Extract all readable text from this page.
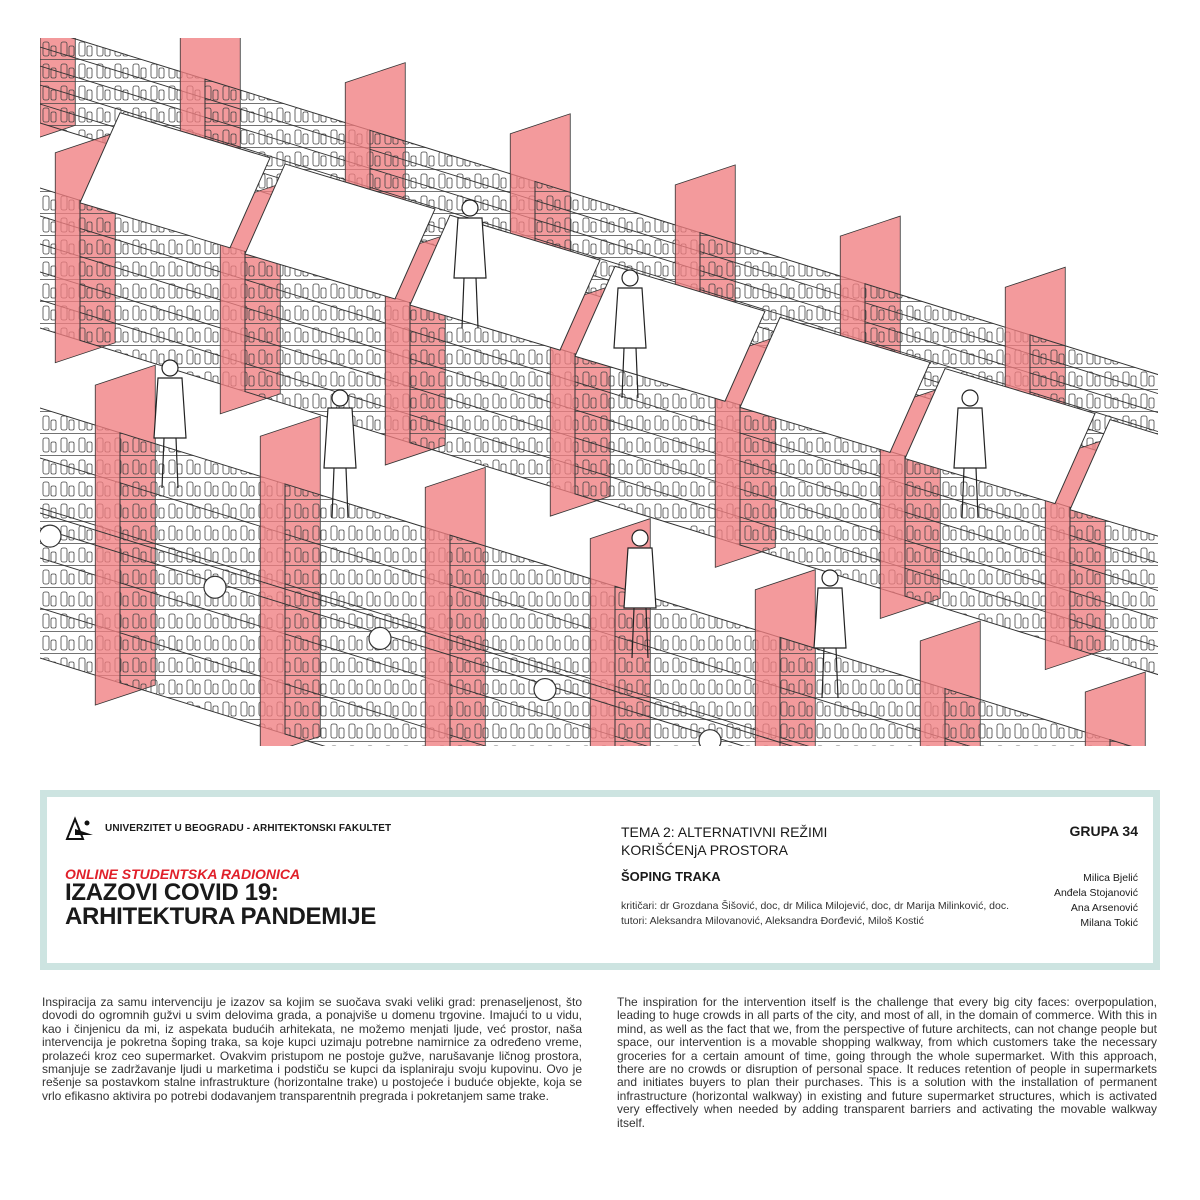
UNIVERZITET U BEOGRADU - ARHITEKTONSKI FAKULTET
ONLINE STUDENTSKA RADIONICA
IZAZOVI COVID 19:
ARHITEKTURA PANDEMIJE
TEMA 2: ALTERNATIVNI REŽIMI
KORIŠĆENjA PROSTORA
ŠOPING TRAKA
kritičari: dr Grozdana Šišović, doc, dr Milica Milojević, doc, dr Marija Milinković, doc.
tutori: Aleksandra Milovanović, Aleksandra Đorđević, Miloš Kostić
GRUPA 34
Milica Bjelić
Anđela Stojanović
Ana Arsenović
Milana Tokić
Inspiracija za samu intervenciju je izazov sa kojim se suočava svaki veliki grad: prenaseljenost, što dovodi do ogromnih gužvi u svim delovima grada, a ponajviše u domenu trgovine. Imajući to u vidu, kao i činjenicu da mi, iz aspekata budućih arhitekata, ne možemo menjati ljude, već prostor, naša intervencija je pokretna šoping traka, sa koje kupci uzimaju potrebne namirnice za određeno vreme, prolazeći kroz ceo supermarket. Ovakvim pristupom ne postoje gužve, narušavanje ličnog prostora, smanjuje se zadržavanje ljudi u marketima i podstiču se kupci da isplaniraju svoju kupovinu. Ovo je rešenje sa postavkom stalne infrastrukture (horizontalne trake) u postojeće i buduće objekte, koja se vrlo efikasno aktivira po potrebi dodavanjem transparentnih pregrada i pokretanjem same trake.
The inspiration for the intervention itself is the challenge that every big city faces: overpopulation, leading to huge crowds in all parts of the city, and most of all, in the domain of commerce. With this in mind, as well as the fact that we, from the perspective of future architects, can not change people but space, our intervention is a movable shopping walkway, from which customers take the necessary groceries for a certain amount of time, going through the whole supermarket. With this approach, there are no crowds or disruption of personal space. It reduces retention of people in supermarkets and initiates buyers to plan their purchases. This is a solution with the installation of permanent infrastructure (horizontal walkway) in existing and future supermarket structures, which is activated very effectively when needed by adding transparent barriers and activating the movable walkway itself.
